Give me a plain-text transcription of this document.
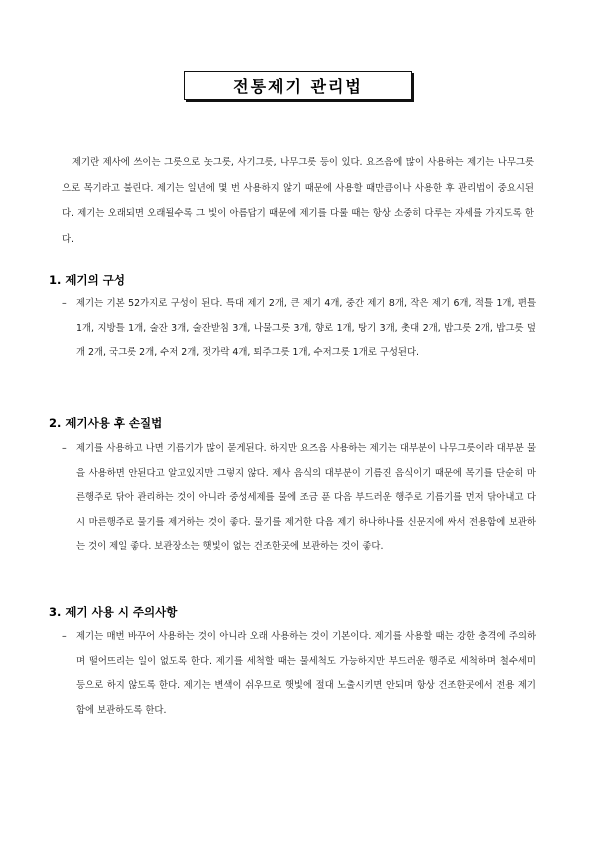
전통제기 관리법

제기란 제사에 쓰이는 그릇으로 놋그릇, 사기그릇, 나무그릇 등이 있다. 요즈음에 많이 사용하는 제기는 나무그릇으로 목기라고 불린다. 제기는 일년에 몇 번 사용하지 않기 때문에 사용할 때만큼이나 사용한 후 관리법이 중요시된다. 제기는 오래되면 오래될수록 그 빛이 아름답기 때문에 제기를 다룰 때는 항상 소중히 다루는 자세를 가지도록 한다.

1. 제기의 구성
– 제기는 기본 52가지로 구성이 된다. 특대 제기 2개, 큰 제기 4개, 중간 제기 8개, 작은 제기 6개, 적틀 1개, 편틀 1개, 지방틀 1개, 술잔 3개, 술잔받침 3개, 나물그릇 3개, 향로 1개, 탕기 3개, 촛대 2개, 밥그릇 2개, 밥그릇 덮개 2개, 국그릇 2개, 수저 2개, 젓가락 4개, 퇴주그릇 1개, 수저그릇 1개로 구성된다.
2. 제기사용 후 손질법
– 제기를 사용하고 나면 기름기가 많이 묻게된다. 하지만 요즈음 사용하는 제기는 대부분이 나무그릇이라 대부분 물을 사용하면 안된다고 알고있지만 그렇지 않다. 제사 음식의 대부분이 기름진 음식이기 때문에 목기를 단순히 마른행주로 닦아 관리하는 것이 아니라 중성세제를 물에 조금 푼 다음 부드러운 행주로 기름기를 먼저 닦아내고 다시 마른행주로 물기를 제거하는 것이 좋다. 물기를 제거한 다음 제기 하나하나를 신문지에 싸서 전용함에 보관하는 것이 제일 좋다. 보관장소는 햇빛이 없는 건조한곳에 보관하는 것이 좋다.
3. 제기 사용 시 주의사항
– 제기는 매번 바꾸어 사용하는 것이 아니라 오래 사용하는 것이 기본이다. 제기를 사용할 때는 강한 충격에 주의하며 떨어뜨리는 일이 없도록 한다. 제기를 세척할 때는 물세척도 가능하지만 부드러운 행주로 세척하며 철수세미 등으로 하지 않도록 한다. 제기는 변색이 쉬우므로 햇빛에 절대 노출시키면 안되며 항상 건조한곳에서 전용 제기함에 보관하도록 한다.
